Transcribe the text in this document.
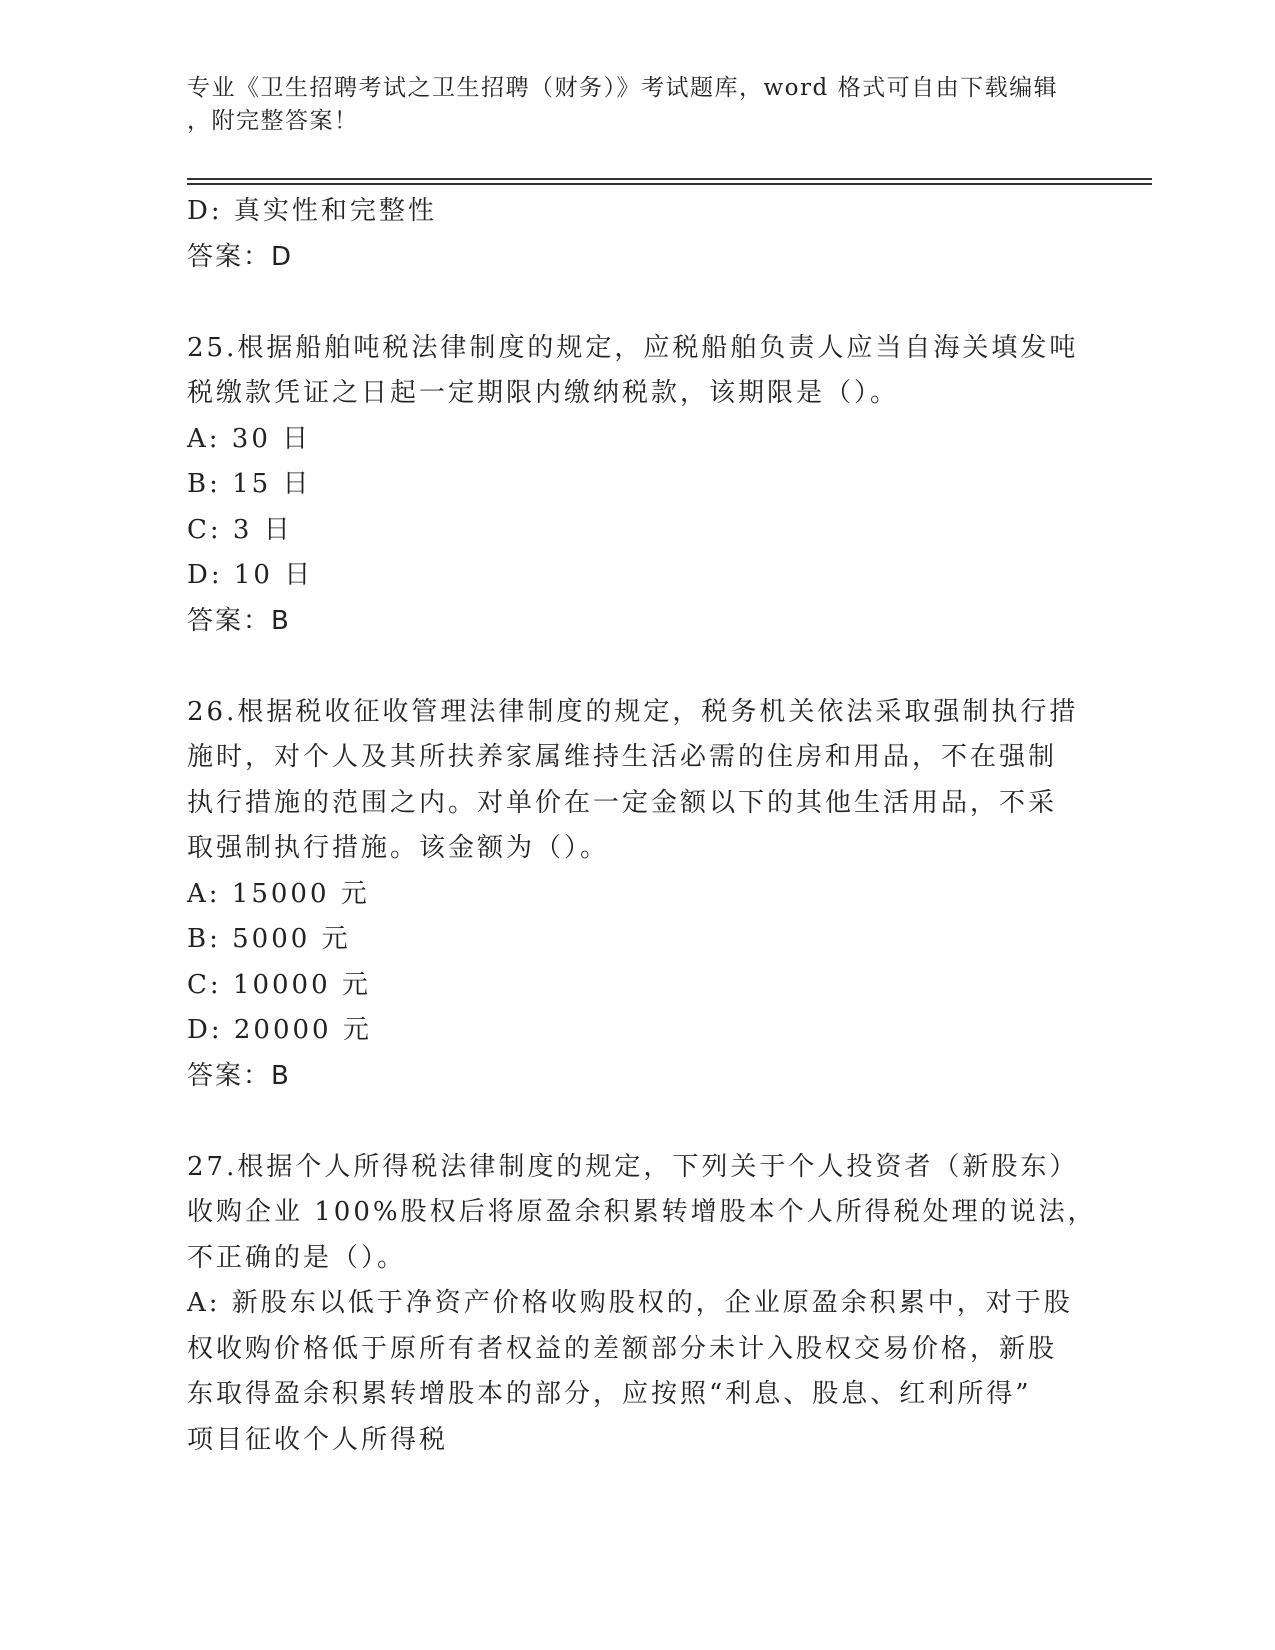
专业《卫生招聘考试之卫生招聘（财务）》考试题库，word 格式可自由下载编辑
，附完整答案！
D: 真实性和完整性
答案：D
25.根据船舶吨税法律制度的规定，应税船舶负责人应当自海关填发吨
税缴款凭证之日起一定期限内缴纳税款，该期限是（）。
A: 30 日
B: 15 日
C: 3 日
D: 10 日
答案：B
26.根据税收征收管理法律制度的规定，税务机关依法采取强制执行措
施时，对个人及其所扶养家属维持生活必需的住房和用品，不在强制
执行措施的范围之内。对单价在一定金额以下的其他生活用品，不采
取强制执行措施。该金额为（）。
A: 15000 元
B: 5000 元
C: 10000 元
D: 20000 元
答案：B
27.根据个人所得税法律制度的规定，下列关于个人投资者（新股东）
收购企业 100%股权后将原盈余积累转增股本个人所得税处理的说法，
不正确的是（）。
A: 新股东以低于净资产价格收购股权的，企业原盈余积累中，对于股
权收购价格低于原所有者权益的差额部分未计入股权交易价格，新股
东取得盈余积累转增股本的部分，应按照“利息、股息、红利所得”
项目征收个人所得税
